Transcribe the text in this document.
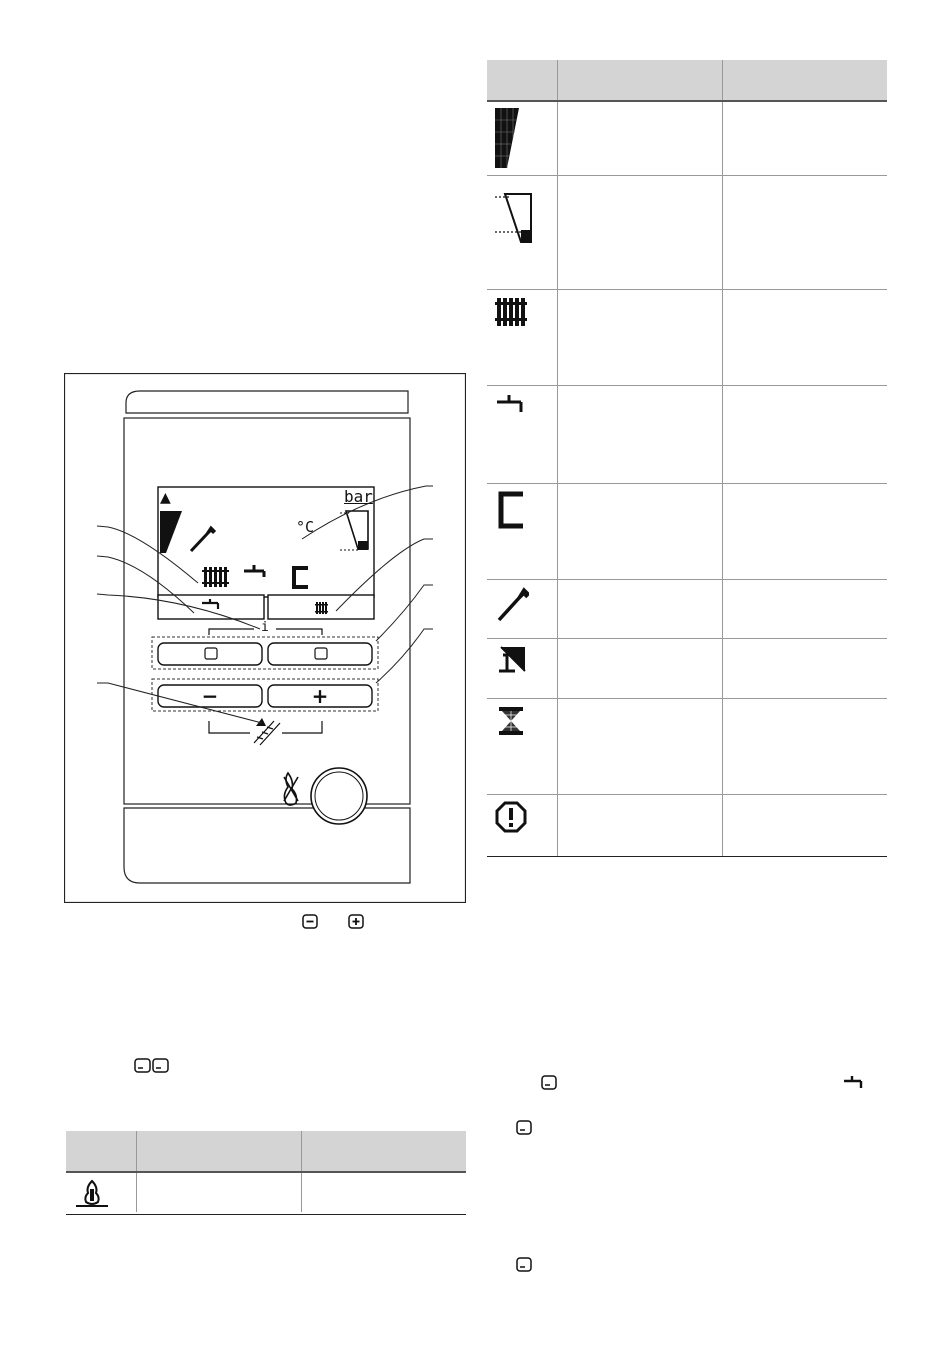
▲	bar
°C
i
−	+
